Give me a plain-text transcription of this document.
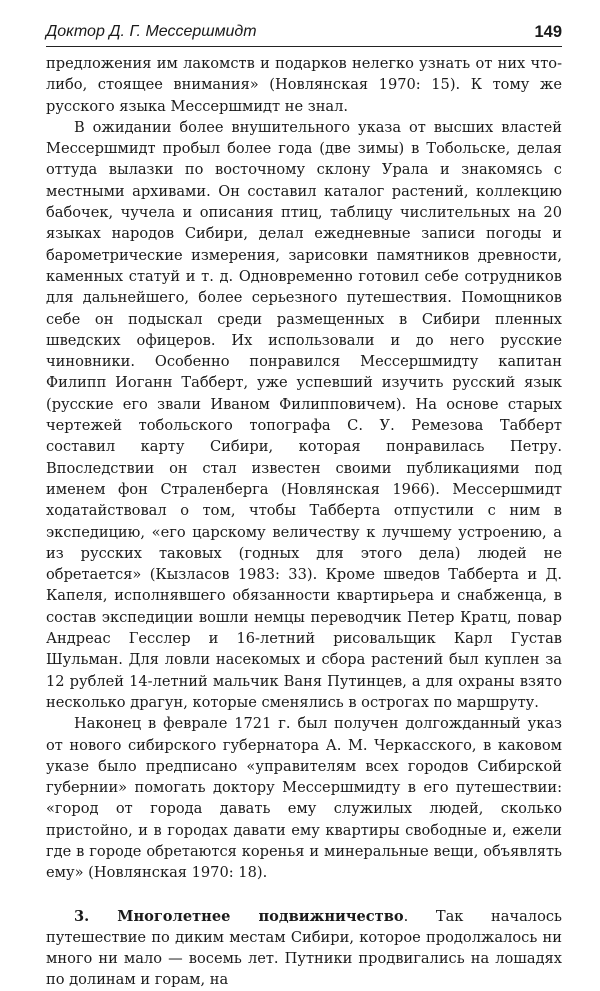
Доктор Д. Г. Мессершмидт	149

предложения им лакомств и подарков нелегко узнать от них что-либо, стоящее внимания» (Новлянская 1970: 15). К тому же русского языка Мессершмидт не знал.

В ожидании более внушительного указа от высших властей Мессершмидт пробыл более года (две зимы) в Тобольске, делая оттуда вылазки по восточному склону Урала и знакомясь с местными архивами. Он составил каталог растений, коллекцию бабочек, чучела и описания птиц, таблицу числительных на 20 языках народов Сибири, делал ежедневные записи погоды и барометрические измерения, зарисовки памятников древности, каменных статуй и т. д. Одновременно готовил себе сотрудников для дальнейшего, более серьезного путешествия. Помощников себе он подыскал среди размещенных в Сибири пленных шведских офицеров. Их использовали и до него русские чиновники. Особенно понравился Мессершмидту капитан Филипп Иоганн Табберт, уже успевший изучить русский язык (русские его звали Иваном Филипповичем). На основе старых чертежей тобольского топографа С. У. Ремезова Табберт составил карту Сибири, которая понравилась Петру. Впоследствии он стал известен своими публикациями под именем фон Страленберга (Новлянская 1966). Мессершмидт ходатайствовал о том, чтобы Табберта отпустили с ним в экспедицию, «его царскому величеству к лучшему устроению, а из русских таковых (годных для этого дела) людей не обретается» (Кызласов 1983: 33). Кроме шведов Табберта и Д. Капеля, исполнявшего обязанности квартирьера и снабженца, в состав экспедиции вошли немцы переводчик Петер Кратц, повар Андреас Гесслер и 16-летний рисовальщик Карл Густав Шульман. Для ловли насекомых и сбора растений был куплен за 12 рублей 14-летний мальчик Ваня Путинцев, а для охраны взято несколько драгун, которые сменялись в острогах по маршруту.

Наконец в феврале 1721 г. был получен долгожданный указ от нового сибирского губернатора А. М. Черкасского, в каковом указе было предписано «управителям всех городов Сибирской губернии» помогать доктору Мессершмидту в его путешествии: «город от города давать ему служилых людей, сколько пристойно, и в городах давати ему квартиры свободные и, ежели где в городе обретаются коренья и минеральные вещи, объявлять ему» (Новлянская 1970: 18).

3. Многолетнее подвижничество. Так началось путешествие по диким местам Сибири, которое продолжалось ни много ни мало — восемь лет. Путники продвигались на лошадях по долинам и горам, на
